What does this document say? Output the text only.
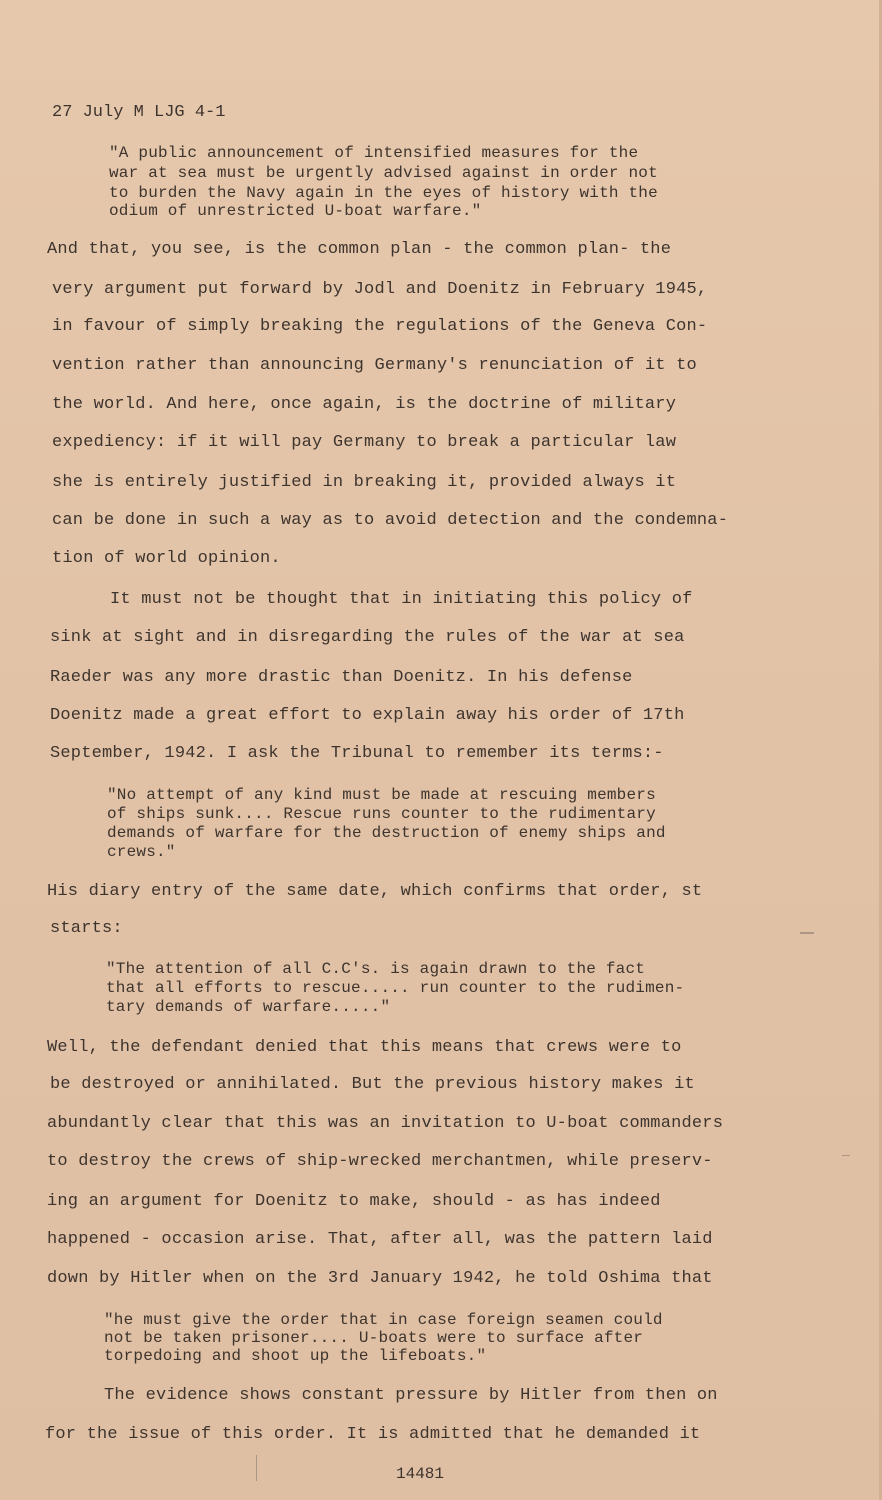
27 July M LJG 4-1
"A public announcement of intensified measures for the
war at sea must be urgently advised against in order not
to burden the Navy again in the eyes of history with the
odium of unrestricted U-boat warfare."
And that, you see, is the common plan - the common plan- the
very argument put forward by Jodl and Doenitz in February 1945,
in favour of simply breaking the regulations of the Geneva Con-
vention rather than announcing Germany's renunciation of it to
the world. And here, once again, is the doctrine of military
expediency: if it will pay Germany to break a particular law
she is entirely justified in breaking it, provided always it
can be done in such a way as to avoid detection and the condemna-
tion of world opinion.
It must not be thought that in initiating this policy of
sink at sight and in disregarding the rules of the war at sea
Raeder was any more drastic than Doenitz. In his defense
Doenitz made a great effort to explain away his order of 17th
September, 1942. I ask the Tribunal to remember its terms:-
"No attempt of any kind must be made at rescuing members
of ships sunk.... Rescue runs counter to the rudimentary
demands of warfare for the destruction of enemy ships and
crews."
His diary entry of the same date, which confirms that order, st
starts:
"The attention of all C.C's. is again drawn to the fact
that all efforts to rescue..... run counter to the rudimen-
tary demands of warfare....."
Well, the defendant denied that this means that crews were to
be destroyed or annihilated. But the previous history makes it
abundantly clear that this was an invitation to U-boat commanders
to destroy the crews of ship-wrecked merchantmen, while preserv-
ing an argument for Doenitz to make, should - as has indeed
happened - occasion arise. That, after all, was the pattern laid
down by Hitler when on the 3rd January 1942, he told Oshima that
"he must give the order that in case foreign seamen could
not be taken prisoner.... U-boats were to surface after
torpedoing and shoot up the lifeboats."
The evidence shows constant pressure by Hitler from then on
for the issue of this order. It is admitted that he demanded it
14481
